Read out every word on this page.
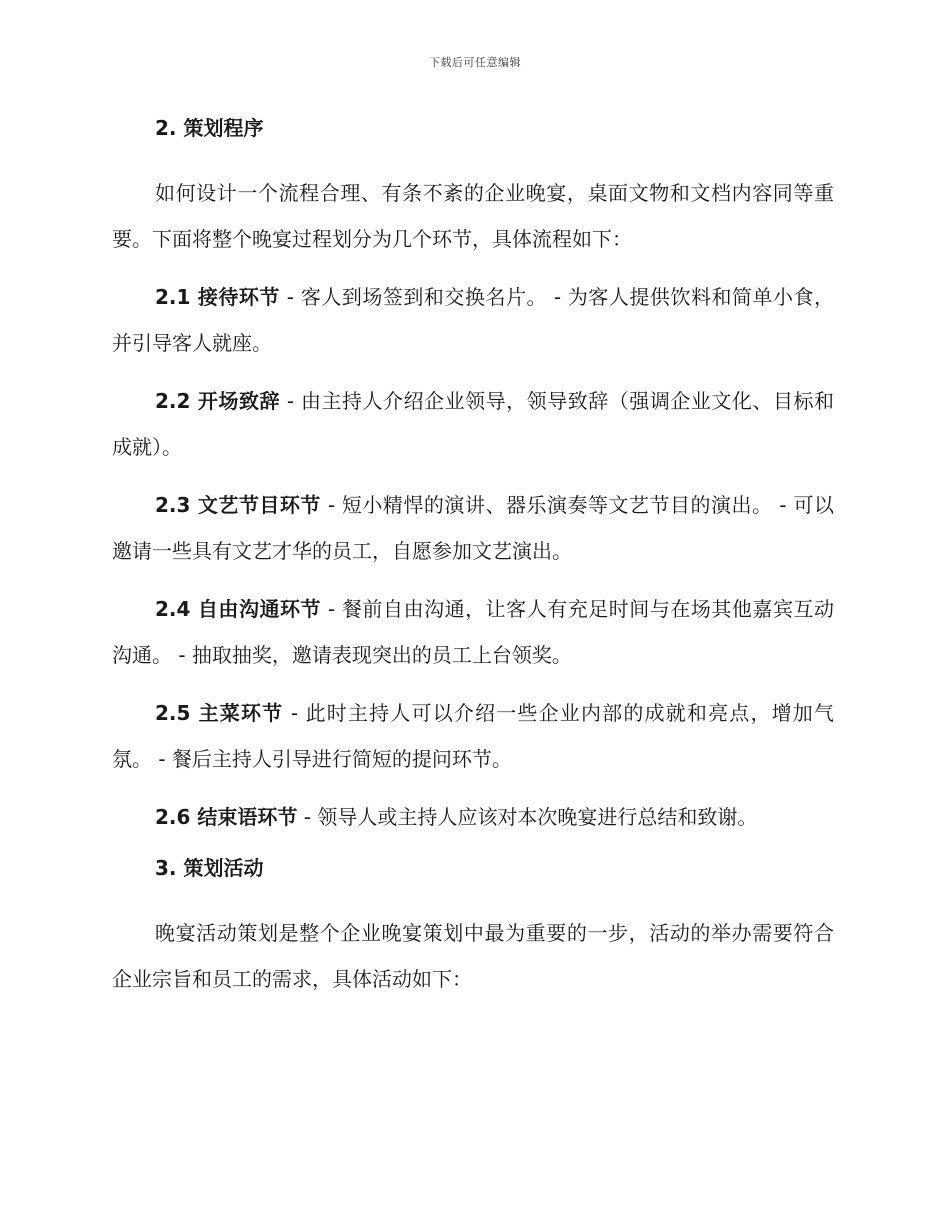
下载后可任意编辑
2. 策划程序

如何设计一个流程合理、有条不紊的企业晚宴，桌面文物和文档内容同等重要。下面将整个晚宴过程划分为几个环节，具体流程如下：

2.1 接待环节 - 客人到场签到和交换名片。 - 为客人提供饮料和简单小食，并引导客人就座。

2.2 开场致辞 - 由主持人介绍企业领导，领导致辞（强调企业文化、目标和成就）。

2.3 文艺节目环节 - 短小精悍的演讲、器乐演奏等文艺节目的演出。 - 可以邀请一些具有文艺才华的员工，自愿参加文艺演出。

2.4 自由沟通环节 - 餐前自由沟通，让客人有充足时间与在场其他嘉宾互动沟通。 - 抽取抽奖，邀请表现突出的员工上台领奖。

2.5 主菜环节 - 此时主持人可以介绍一些企业内部的成就和亮点，增加气氛。 - 餐后主持人引导进行简短的提问环节。

2.6 结束语环节 - 领导人或主持人应该对本次晚宴进行总结和致谢。

3. 策划活动

晚宴活动策划是整个企业晚宴策划中最为重要的一步，活动的举办需要符合企业宗旨和员工的需求，具体活动如下：
